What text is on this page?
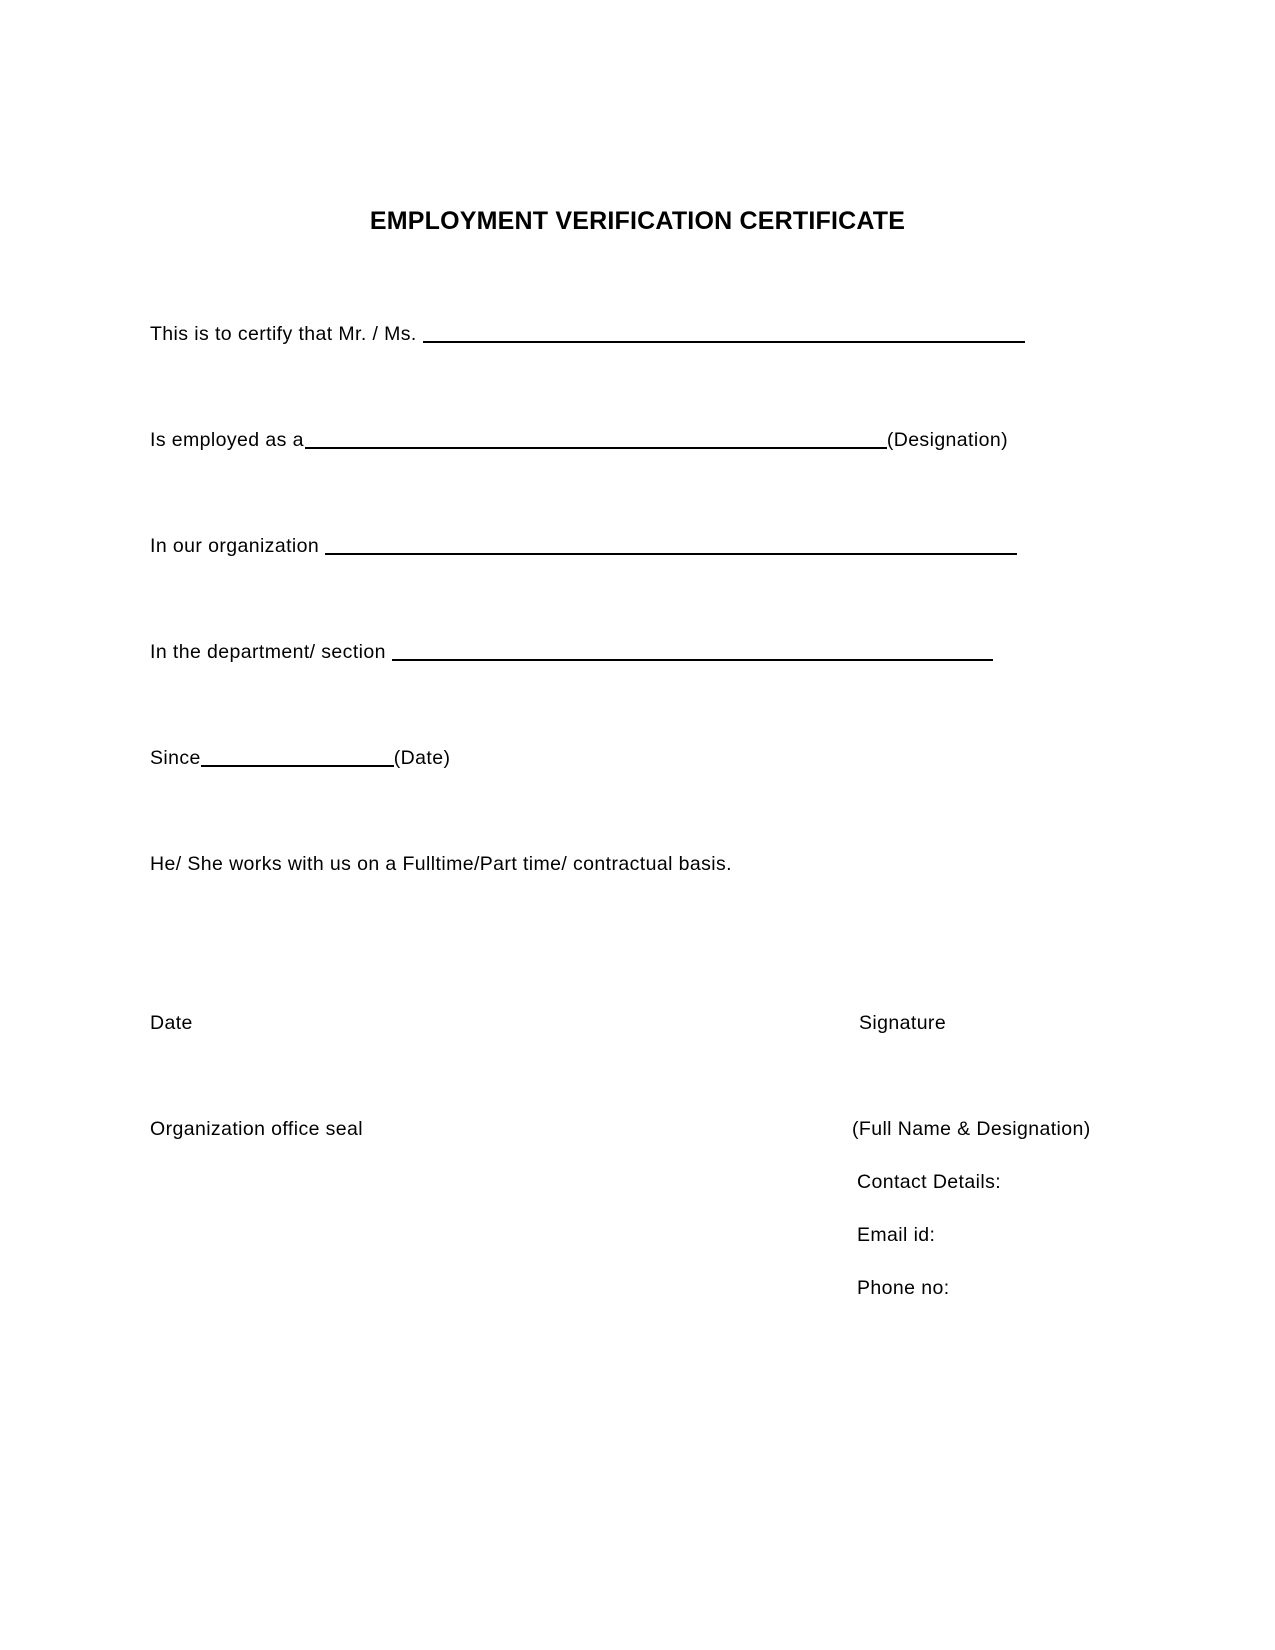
EMPLOYMENT VERIFICATION CERTIFICATE
This is to certify that Mr. / Ms.
Is employed as a	(Designation)
In our organization
In the department/ section
Since	(Date)
He/ She works with us on a Fulltime/Part time/ contractual basis.
Date
Organization office seal
Signature
(Full Name & Designation)
Contact Details:
Email id:
Phone no:
